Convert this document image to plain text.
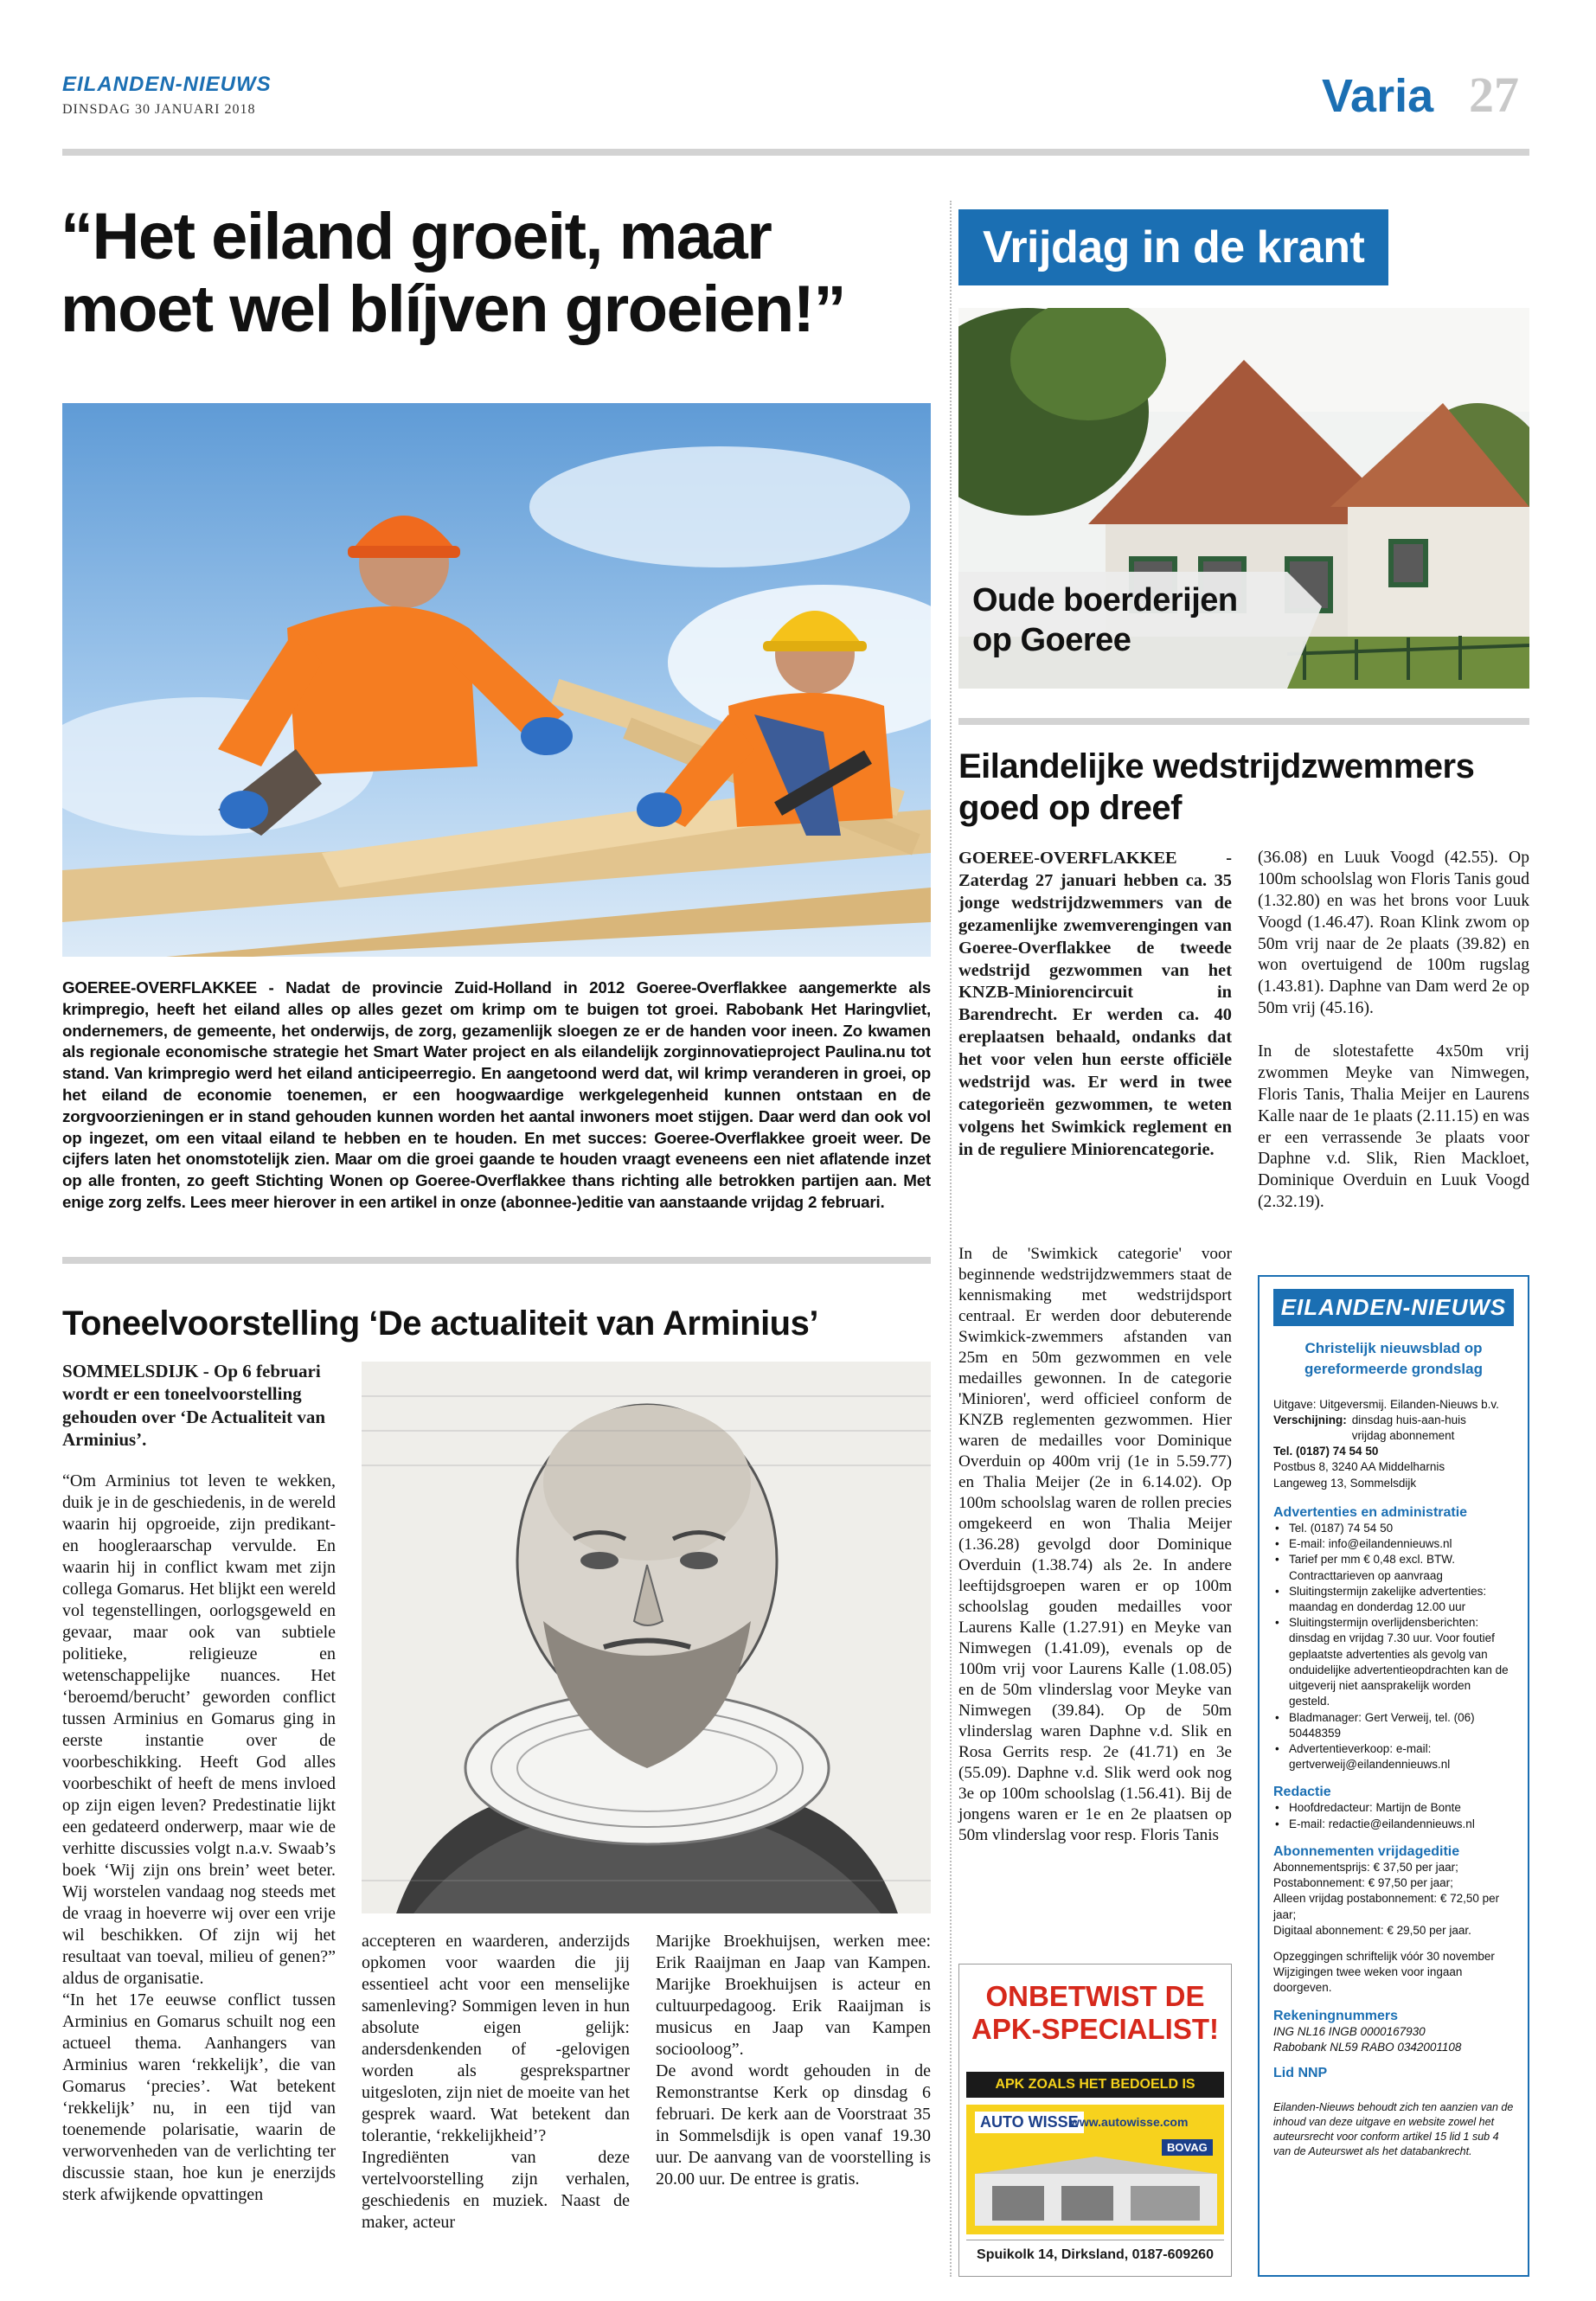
EILANDEN-NIEUWS
DINSDAG 30 JANUARI 2018	Varia 27
“Het eiland groeit, maar
moet wel blíjven groeien!”
GOEREE-OVERFLAKKEE - Nadat de provincie Zuid-Holland in 2012 Goeree-Overflakkee aangemerkte als krimpregio, heeft het eiland alles op alles gezet om krimp om te buigen tot groei. Rabobank Het Haringvliet, ondernemers, de gemeente, het onderwijs, de zorg, gezamenlijk sloegen ze er de handen voor ineen. Zo kwamen als regionale economische strategie het Smart Water project en als eilandelijk zorginnovatieproject Paulina.nu tot stand. Van krimpregio werd het eiland anticipeerregio. En aangetoond werd dat, wil krimp veranderen in groei, op het eiland de economie toenemen, er een hoogwaardige werkgelegenheid kunnen ontstaan en de zorgvoorzieningen er in stand gehouden kunnen worden het aantal inwoners moet stijgen. Daar werd dan ook vol op ingezet, om een vitaal eiland te hebben en te houden. En met succes: Goeree-Overflakkee groeit weer. De cijfers laten het onomstotelijk zien. Maar om die groei gaande te houden vraagt eveneens een niet aflatende inzet op alle fronten, zo geeft Stichting Wonen op Goeree-Overflakkee thans richting alle betrokken partijen aan. Met enige zorg zelfs. Lees meer hierover in een artikel in onze (abonnee-)editie van aanstaande vrijdag 2 februari.
Toneelvoorstelling ‘De actualiteit van Arminius’
SOMMELSDIJK - Op 6 februari wordt er een toneelvoorstelling gehouden over ‘De Actualiteit van Arminius’.

“Om Arminius tot leven te wekken, duik je in de geschiedenis, in de wereld waarin hij opgroeide, zijn predikant- en hoogleraarschap vervulde. En waarin hij in conflict kwam met zijn collega Gomarus. Het blijkt een wereld vol tegenstellingen, oorlogsgeweld en gevaar, maar ook van subtiele politieke, religieuze en wetenschappelijke nuances. Het ‘beroemd/berucht’ geworden conflict tussen Arminius en Gomarus ging in eerste instantie over de voorbeschikking. Heeft God alles voorbeschikt of heeft de mens invloed op zijn eigen leven? Predestinatie lijkt een gedateerd onderwerp, maar wie de verhitte discussies volgt n.a.v. Swaab’s boek ‘Wij zijn ons brein’ weet beter. Wij worstelen vandaag nog steeds met de vraag in hoeverre wij over een vrije wil beschikken. Of zijn wij het resultaat van toeval, milieu of genen?” aldus de organisatie.

“In het 17e eeuwse conflict tussen Arminius en Gomarus schuilt nog een actueel thema. Aanhangers van Arminius waren ‘rekkelijk’, die van Gomarus ‘precies’. Wat betekent ‘rekkelijk’ nu, in een tijd van toenemende polarisatie, waarin de verworvenheden van de verlichting ter discussie staan, hoe kun je enerzijds sterk afwijkende opvattingen

accepteren en waarderen, anderzijds opkomen voor waarden die jij essentieel acht voor een menselijke samenleving? Sommigen leven in hun absolute eigen gelijk: andersdenkenden of -gelovigen worden als gesprekspartner uitgesloten, zijn niet de moeite van het gesprek waard. Wat betekent dan tolerantie, ‘rekkelijkheid’?

Ingrediënten van deze vertelvoorstelling zijn verhalen, geschiedenis en muziek. Naast de maker, acteur

Marijke Broekhuijsen, werken mee: Erik Raaijman en Jaap van Kampen. Marijke Broekhuijsen is acteur en cultuurpedagoog. Erik Raaijman is musicus en Jaap van Kampen sociooloog”.

De avond wordt gehouden in de Remonstrantse Kerk op dinsdag 6 februari. De kerk aan de Voorstraat 35 in Sommelsdijk is open vanaf 19.30 uur. De aanvang van de voorstelling is 20.00 uur. De entree is gratis.

Vrijdag in de krant
Oude boerderijen
op Goeree
Eilandelijke wedstrijdzwemmers
goed op dreef
GOEREE-OVERFLAKKEE - Zaterdag 27 januari hebben ca. 35 jonge wedstrijdzwemmers van de gezamenlijke zwemverengingen van Goeree-Overflakkee de tweede wedstrijd gezwommen van het KNZB-Miniorencircuit in Barendrecht. Er werden ca. 40 ereplaatsen behaald, ondanks dat het voor velen hun eerste officiële wedstrijd was. Er werd in twee categorieën gezwommen, te weten volgens het Swimkick reglement en in de reguliere Miniorencategorie.
In de 'Swimkick categorie' voor beginnende wedstrijdzwemmers staat de kennismaking met wedstrijdsport centraal. Er werden door debuterende Swimkick-zwemmers afstanden van 25m en 50m gezwommen en vele medailles gewonnen. In de categorie 'Minioren', werd officieel conform de KNZB reglementen gezwommen. Hier waren de medailles voor Dominique Overduin op 400m vrij (1e in 5.59.77) en Thalia Meijer (2e in 6.14.02). Op 100m schoolslag waren de rollen precies omgekeerd en won Thalia Meijer (1.36.28) gevolgd door Dominique Overduin (1.38.74) als 2e. In andere leeftijdsgroepen waren er op 100m schoolslag gouden medailles voor Laurens Kalle (1.27.91) en Meyke van Nimwegen (1.41.09), evenals op de 100m vrij voor Laurens Kalle (1.08.05) en de 50m vlinderslag voor Meyke van Nimwegen (39.84). Op de 50m vlinderslag waren Daphne v.d. Slik en Rosa Gerrits resp. 2e (41.71) en 3e (55.09). Daphne v.d. Slik werd ook nog 3e op 100m schoolslag (1.56.41). Bij de jongens waren er 1e en 2e plaatsen op 50m vlinderslag voor resp. Floris Tanis

(36.08) en Luuk Voogd (42.55). Op 100m schoolslag won Floris Tanis goud (1.32.80) en was het brons voor Luuk Voogd (1.46.47). Roan Klink zwom op 50m vrij naar de 2e plaats (39.82) en won overtuigend de 100m rugslag (1.43.81). Daphne van Dam werd 2e op 50m vrij (45.16).

In de slotestafette 4x50m vrij zwommen Meyke van Nimwegen, Floris Tanis, Thalia Meijer en Laurens Kalle naar de 1e plaats (2.11.15) en was er een verrassende 3e plaats voor Daphne v.d. Slik, Rien Mackloet, Dominique Overduin en Luuk Voogd (2.32.19).

ONBETWIST DE
APK-SPECIALIST!
APK ZOALS HET BEDOELD IS
AUTO WISSE
www.autowisse.com
BOVAG
Spuikolk 14, Dirksland, 0187-609260
EILANDEN-NIEUWS
Christelijk nieuwsblad op
gereformeerde grondslag
Uitgave: Uitgeversmij. Eilanden-Nieuws b.v.
Verschijning: dinsdag huis-aan-huis
vrijdag abonnement
Tel. (0187) 74 54 50
Postbus 8, 3240 AA Middelharnis
Langeweg 13, Sommelsdijk
Advertenties en administratie
• Tel. (0187) 74 54 50
• E-mail: info@eilandennieuws.nl
• Tarief per mm € 0,48 excl. BTW. Contracttarieven op aanvraag
• Sluitingstermijn zakelijke advertenties: maandag en donderdag 12.00 uur
• Sluitingstermijn overlijdensberichten: dinsdag en vrijdag 7.30 uur. Voor foutief geplaatste advertenties als gevolg van onduidelijke advertentieopdrachten kan de uitgeverij niet aansprakelijk worden gesteld.
• Bladmanager: Gert Verweij, tel. (06) 50448359
• Advertentieverkoop: e-mail: gertverweij@eilandennieuws.nl
Redactie
• Hoofdredacteur: Martijn de Bonte
• E-mail: redactie@eilandennieuws.nl
Abonnementen vrijdageditie
Abonnementsprijs: € 37,50 per jaar;
Postabonnement: € 97,50 per jaar;
Alleen vrijdag postabonnement: € 72,50 per jaar;
Digitaal abonnement: € 29,50 per jaar.
Opzeggingen schriftelijk vóór 30 november Wijzigingen twee weken voor ingaan doorgeven.
Rekeningnummers
ING NL16 INGB 0000167930
Rabobank NL59 RABO 0342001108
Lid NNP
Eilanden-Nieuws behoudt zich ten aanzien van de inhoud van deze uitgave en website zowel het auteursrecht voor conform artikel 15 lid 1 sub 4 van de Auteurswet als het databankrecht.
